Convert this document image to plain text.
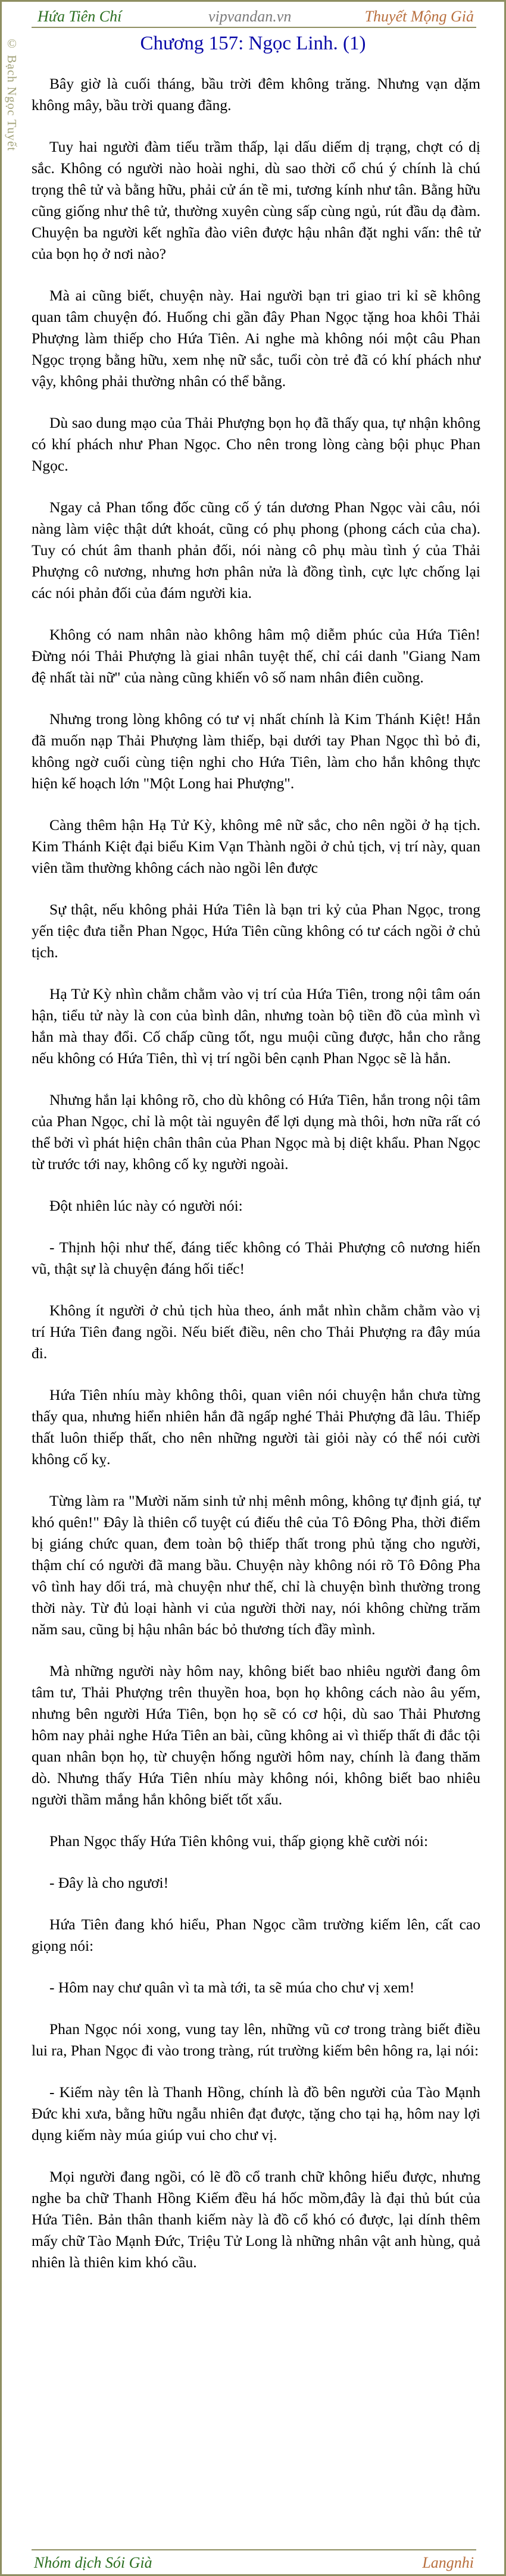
© Bạch Ngọc Tuyết
Hứa Tiên Chí	vipvandan.vn	Thuyết Mộng Giả
Chương 157: Ngọc Linh. (1)

Bây giờ là cuối tháng, bầu trời đêm không trăng. Nhưng vạn dặm không mây, bầu trời quang đãng.

Tuy hai người đàm tiếu trầm thấp, lại dấu diếm dị trạng, chợt có dị sắc. Không có người nào hoài nghi, dù sao thời cổ chú ý chính là chú trọng thê tử và bằng hữu, phải cử án tề mi, tương kính như tân. Bằng hữu cũng giống như thê tử, thường xuyên cùng sấp cùng ngủ, rút đầu dạ đàm. Chuyện ba người kết nghĩa đào viên được hậu nhân đặt nghi vấn: thê tử của bọn họ ở nơi nào?

Mà ai cũng biết, chuyện này. Hai người bạn tri giao tri kỉ sẽ không quan tâm chuyện đó. Huống chi gần đây Phan Ngọc tặng hoa khôi Thải Phượng làm thiếp cho Hứa Tiên. Ai nghe mà không nói một câu Phan Ngọc trọng bằng hữu, xem nhẹ nữ sắc, tuổi còn trẻ đã có khí phách như vậy, không phải thường nhân có thể bằng.

Dù sao dung mạo của Thải Phượng bọn họ đã thấy qua, tự nhận không có khí phách như Phan Ngọc. Cho nên trong lòng càng bội phục Phan Ngọc.

Ngay cả Phan tổng đốc cũng cố ý tán dương Phan Ngọc vài câu, nói nàng làm việc thật dứt khoát, cũng có phụ phong (phong cách của cha). Tuy có chút âm thanh phản đối, nói nàng cô phụ màu tình ý của Thải Phượng cô nương, nhưng hơn phân nửa là đồng tình, cực lực chống lại các nói phản đối của đám người kia.

Không có nam nhân nào không hâm mộ diễm phúc của Hứa Tiên! Đừng nói Thải Phượng là giai nhân tuyệt thế, chỉ cái danh "Giang Nam đệ nhất tài nữ" của nàng cũng khiến vô số nam nhân điên cuồng.

Nhưng trong lòng không có tư vị nhất chính là Kim Thánh Kiệt! Hắn đã muốn nạp Thải Phượng làm thiếp, bại dưới tay Phan Ngọc thì bỏ đi, không ngờ cuối cùng tiện nghi cho Hứa Tiên, làm cho hắn không thực hiện kế hoạch lớn "Một Long hai Phượng".

Càng thêm hận Hạ Tử Kỳ, không mê nữ sắc, cho nên ngồi ở hạ tịch. Kim Thánh Kiệt đại biểu Kim Vạn Thành ngồi ở chủ tịch, vị trí này, quan viên tầm thường không cách nào ngồi lên được

Sự thật, nếu không phải Hứa Tiên là bạn tri kỷ của Phan Ngọc, trong yến tiệc đưa tiễn Phan Ngọc, Hứa Tiên cũng không có tư cách ngồi ở chủ tịch.

Hạ Tử Kỳ nhìn chằm chằm vào vị trí của Hứa Tiên, trong nội tâm oán hận, tiểu tử này là con của bình dân, nhưng toàn bộ tiền đồ của mình vì hắn mà thay đổi. Cố chấp cũng tốt, ngu muội cũng được, hắn cho rằng nếu không có Hứa Tiên, thì vị trí ngồi bên cạnh Phan Ngọc sẽ là hắn.

Nhưng hắn lại không rõ, cho dù không có Hứa Tiên, hắn trong nội tâm của Phan Ngọc, chỉ là một tài nguyên để lợi dụng mà thôi, hơn nữa rất có thể bởi vì phát hiện chân thân của Phan Ngọc mà bị diệt khẩu. Phan Ngọc từ trước tới nay, không cố kỵ người ngoài.

Đột nhiên lúc này có người nói:

- Thịnh hội như thế, đáng tiếc không có Thải Phượng cô nương hiến vũ, thật sự là chuyện đáng hối tiếc!

Không ít người ở chủ tịch hùa theo, ánh mắt nhìn chằm chằm vào vị trí Hứa Tiên đang ngồi. Nếu biết điều, nên cho Thải Phượng ra đây múa đi.

Hứa Tiên nhíu mày không thôi, quan viên nói chuyện hắn chưa từng thấy qua, nhưng hiển nhiên hắn đã ngấp nghé Thải Phượng đã lâu. Thiếp thất luôn thiếp thất, cho nên những người tài giỏi này có thể nói cười không cố kỵ.

Từng làm ra "Mười năm sinh tử nhị mênh mông, không tự định giá, tự khó quên!" Đây là thiên cổ tuyệt cú điếu thê của Tô Đông Pha, thời điểm bị giáng chức quan, đem toàn bộ thiếp thất trong phủ tặng cho người, thậm chí có người đã mang bầu. Chuyện này không nói rõ Tô Đông Pha vô tình hay dối trá, mà chuyện như thế, chỉ là chuyện bình thường trong thời này. Từ đủ loại hành vi của người thời nay, nói không chừng trăm năm sau, cũng bị hậu nhân bác bỏ thương tích đầy mình.

Mà những người này hôm nay, không biết bao nhiêu người đang ôm tâm tư, Thải Phượng trên thuyền hoa, bọn họ không cách nào âu yếm, nhưng bên người Hứa Tiên, bọn họ sẽ có cơ hội, dù sao Thải Phương hôm nay phải nghe Hứa Tiên an bài, cũng không ai vì thiếp thất đi đắc tội quan nhân bọn họ, từ chuyện hống người hôm nay, chính là đang thăm dò. Nhưng thấy Hứa Tiên nhíu mày không nói, không biết bao nhiêu người thầm mắng hắn không biết tốt xấu.

Phan Ngọc thấy Hứa Tiên không vui, thấp giọng khẽ cười nói:

- Đây là cho ngươi!

Hứa Tiên đang khó hiểu, Phan Ngọc cầm trường kiếm lên, cất cao giọng nói:

- Hôm nay chư quân vì ta mà tới, ta sẽ múa cho chư vị xem!

Phan Ngọc nói xong, vung tay lên, những vũ cơ trong tràng biết điều lui ra, Phan Ngọc đi vào trong tràng, rút trường kiếm bên hông ra, lại nói:

- Kiếm này tên là Thanh Hồng, chính là đồ bên người của Tào Mạnh Đức khi xưa, bằng hữu ngẫu nhiên đạt được, tặng cho tại hạ, hôm nay lợi dụng kiếm này múa giúp vui cho chư vị.

Mọi người đang ngồi, có lẽ đồ cổ tranh chữ không hiểu được, nhưng nghe ba chữ Thanh Hồng Kiếm đều há hốc mồm,đây là đại thủ bút của Hứa Tiên. Bản thân thanh kiếm này là đồ cổ khó có được, lại dính thêm mấy chữ Tào Mạnh Đức, Triệu Tử Long là những nhân vật anh hùng, quả nhiên là thiên kim khó cầu.

Nhóm dịch Sói Già	Langnhi
